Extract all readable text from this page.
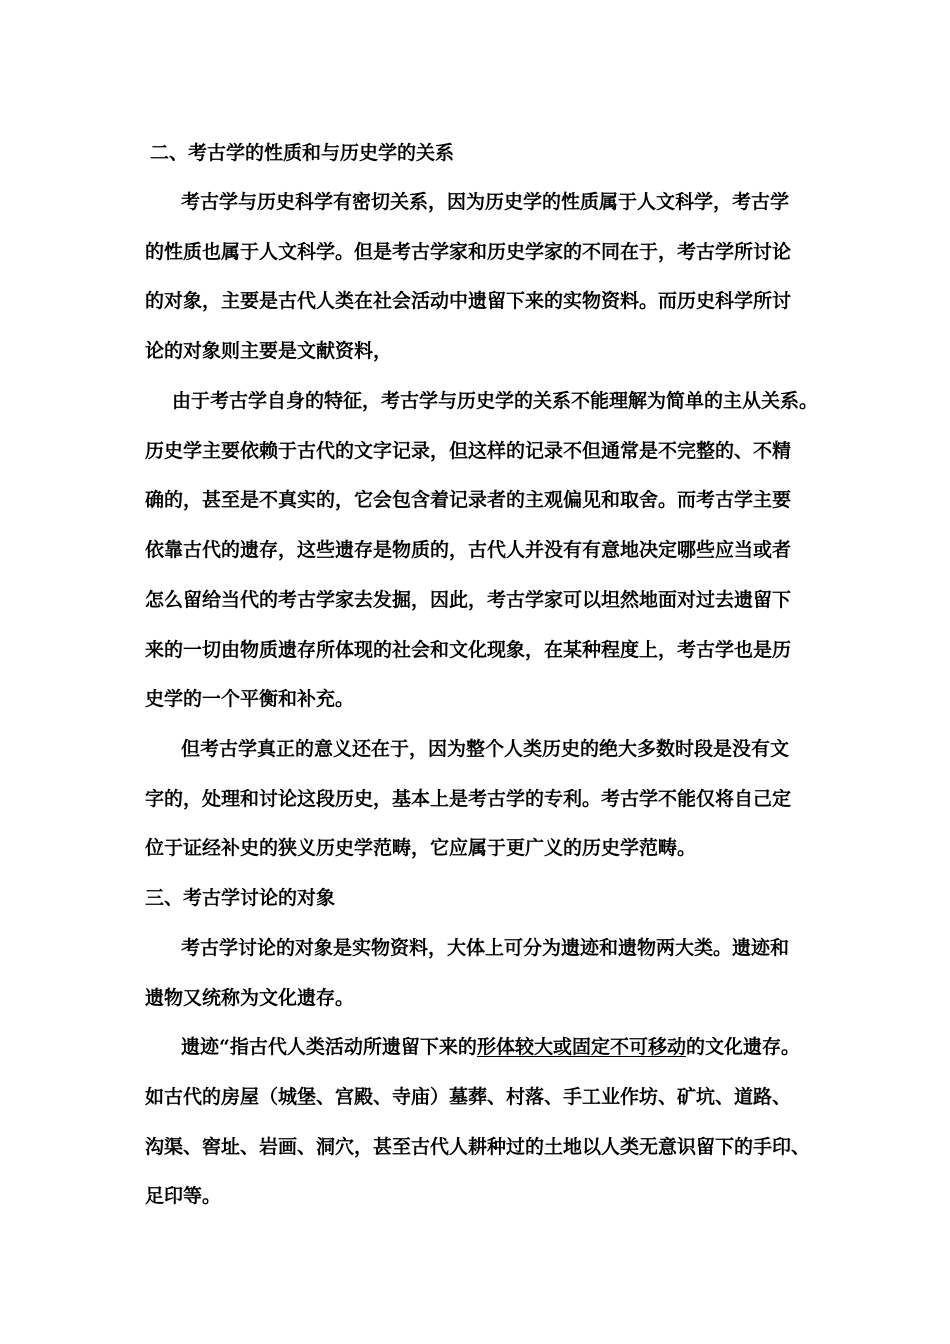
二、考古学的性质和与历史学的关系
考古学与历史科学有密切关系，因为历史学的性质属于人文科学，考古学
的性质也属于人文科学。但是考古学家和历史学家的不同在于，考古学所讨论
的对象，主要是古代人类在社会活动中遗留下来的实物资料。而历史科学所讨
论的对象则主要是文献资料，
由于考古学自身的特征，考古学与历史学的关系不能理解为简单的主从关系。
历史学主要依赖于古代的文字记录，但这样的记录不但通常是不完整的、不精
确的，甚至是不真实的，它会包含着记录者的主观偏见和取舍。而考古学主要
依靠古代的遗存，这些遗存是物质的，古代人并没有有意地决定哪些应当或者
怎么留给当代的考古学家去发掘，因此，考古学家可以坦然地面对过去遗留下
来的一切由物质遗存所体现的社会和文化现象，在某种程度上，考古学也是历
史学的一个平衡和补充。
但考古学真正的意义还在于，因为整个人类历史的绝大多数时段是没有文
字的，处理和讨论这段历史，基本上是考古学的专利。考古学不能仅将自己定
位于证经补史的狭义历史学范畴，它应属于更广义的历史学范畴。
三、考古学讨论的对象
考古学讨论的对象是实物资料，大体上可分为遗迹和遗物两大类。遗迹和
遗物又统称为文化遗存。
遗迹“指古代人类活动所遗留下来的形体较大或固定不可移动的文化遗存。
如古代的房屋（城堡、宫殿、寺庙）墓葬、村落、手工业作坊、矿坑、道路、
沟渠、窖址、岩画、洞穴，甚至古代人耕种过的土地以人类无意识留下的手印、
足印等。
